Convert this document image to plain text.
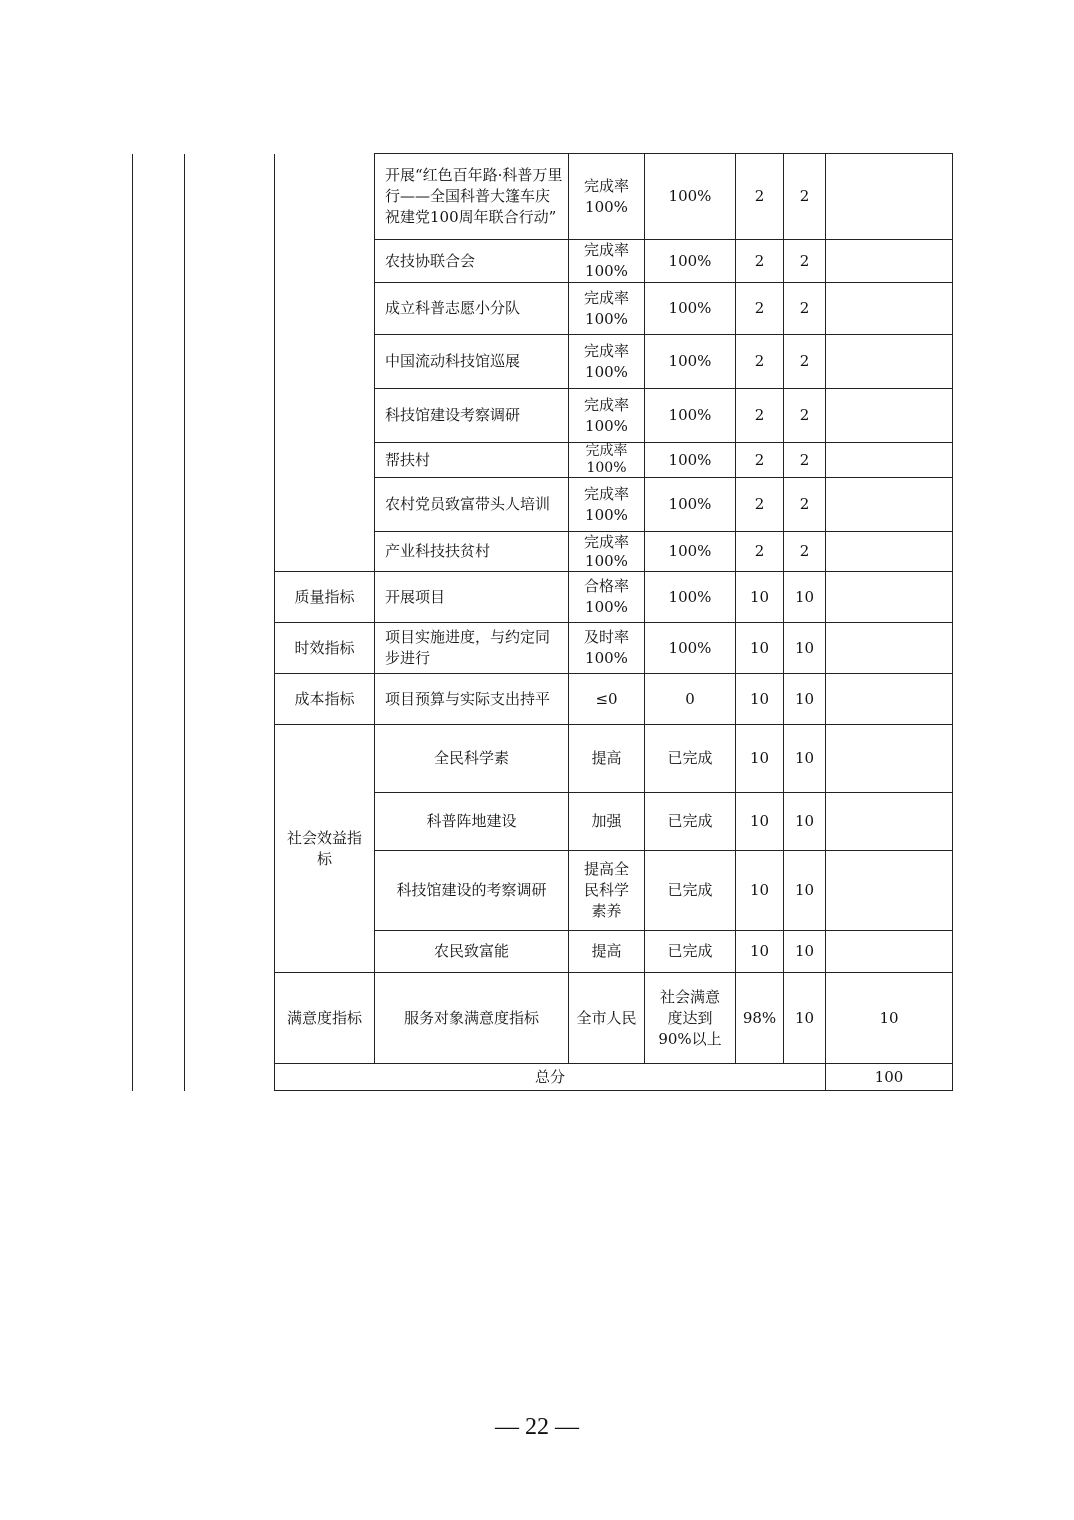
			开展“红色百年路·科普万里行——全国科普大篷车庆祝建党100周年联合行动”	完成率100%	100%	2	2		
			农技协联合会	完成率100%	100%	2	2		
			成立科普志愿小分队	完成率100%	100%	2	2		
			中国流动科技馆巡展	完成率100%	100%	2	2		
			科技馆建设考察调研	完成率100%	100%	2	2		
			帮扶村	完成率100%	100%	2	2		
			农村党员致富带头人培训	完成率100%	100%	2	2		
			产业科技扶贫村	完成率100%	100%	2	2		
		质量指标	开展项目	合格率100%	100%	10	10		
		时效指标	项目实施进度，与约定同步进行	及时率100%	100%	10	10		
		成本指标	项目预算与实际支出持平	≤0	0	10	10		
		社会效益指标	全民科学素	提高	已完成	10	10		
			科普阵地建设	加强	已完成	10	10		
			科技馆建设的考察调研	提高全民科学素养	已完成	10	10		
			农民致富能	提高	已完成	10	10		
		满意度指标	服务对象满意度指标	全市人民	社会满意度达到90%以上	98%	10	10	
		总分						100		
— 22 —
